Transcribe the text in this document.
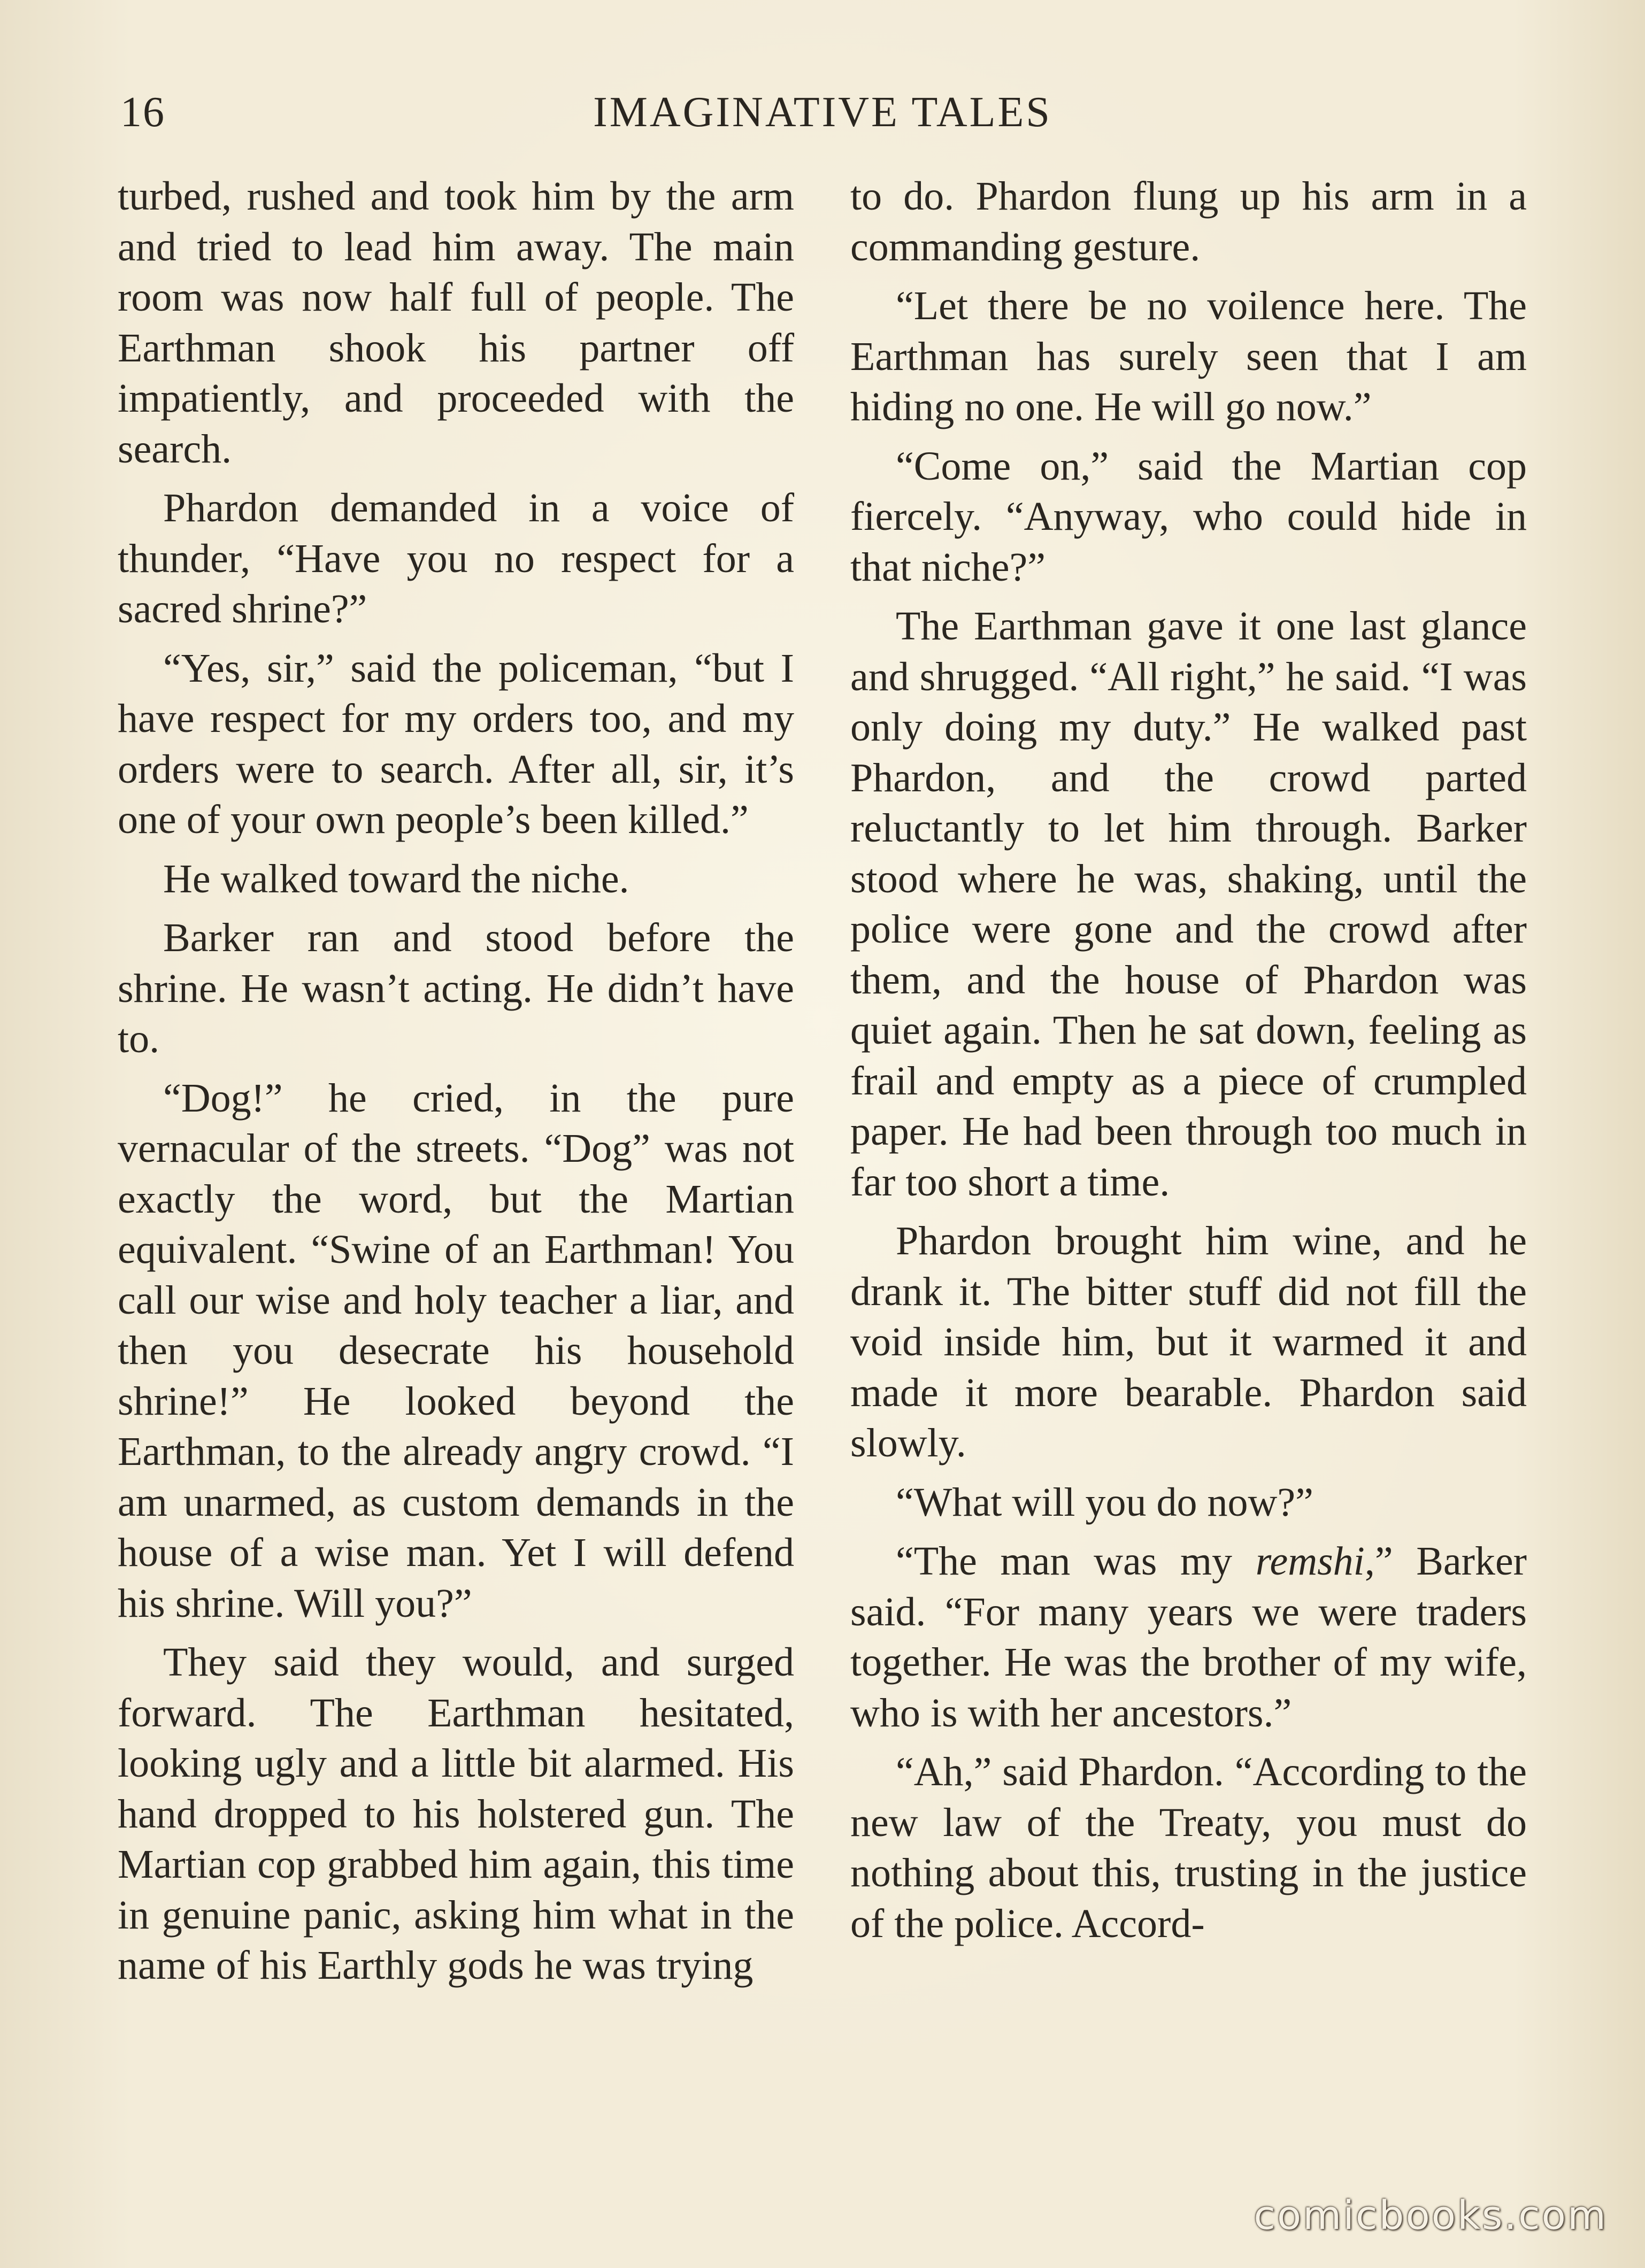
16	IMAGINATIVE TALES

turbed, rushed and took him by the arm and tried to lead him away. The main room was now half full of people. The Earthman shook his partner off impatiently, and proceeded with the search.

Phardon demanded in a voice of thunder, “Have you no respect for a sacred shrine?”

“Yes, sir,” said the policeman, “but I have respect for my orders too, and my orders were to search. After all, sir, it’s one of your own people’s been killed.”

He walked toward the niche.

Barker ran and stood before the shrine. He wasn’t acting. He didn’t have to.

“Dog!” he cried, in the pure vernacular of the streets. “Dog” was not exactly the word, but the Martian equivalent. “Swine of an Earthman! You call our wise and holy teacher a liar, and then you desecrate his household shrine!” He looked beyond the Earthman, to the already angry crowd. “I am unarmed, as custom demands in the house of a wise man. Yet I will defend his shrine. Will you?”

They said they would, and surged forward. The Earthman hesitated, looking ugly and a little bit alarmed. His hand dropped to his holstered gun. The Martian cop grabbed him again, this time in genuine panic, asking him what in the name of his Earthly gods he was trying

to do. Phardon flung up his arm in a commanding gesture.

“Let there be no voilence here. The Earthman has surely seen that I am hiding no one. He will go now.”

“Come on,” said the Martian cop fiercely. “Anyway, who could hide in that niche?”

The Earthman gave it one last glance and shrugged. “All right,” he said. “I was only doing my duty.” He walked past Phardon, and the crowd parted reluctantly to let him through. Barker stood where he was, shaking, until the police were gone and the crowd after them, and the house of Phardon was quiet again. Then he sat down, feeling as frail and empty as a piece of crumpled paper. He had been through too much in far too short a time.

Phardon brought him wine, and he drank it. The bitter stuff did not fill the void inside him, but it warmed it and made it more bearable. Phardon said slowly.

“What will you do now?”

“The man was my remshi,” Barker said. “For many years we were traders together. He was the brother of my wife, who is with her ancestors.”

“Ah,” said Phardon. “According to the new law of the Treaty, you must do nothing about this, trusting in the justice of the police. Accord-

comicbooks.com
